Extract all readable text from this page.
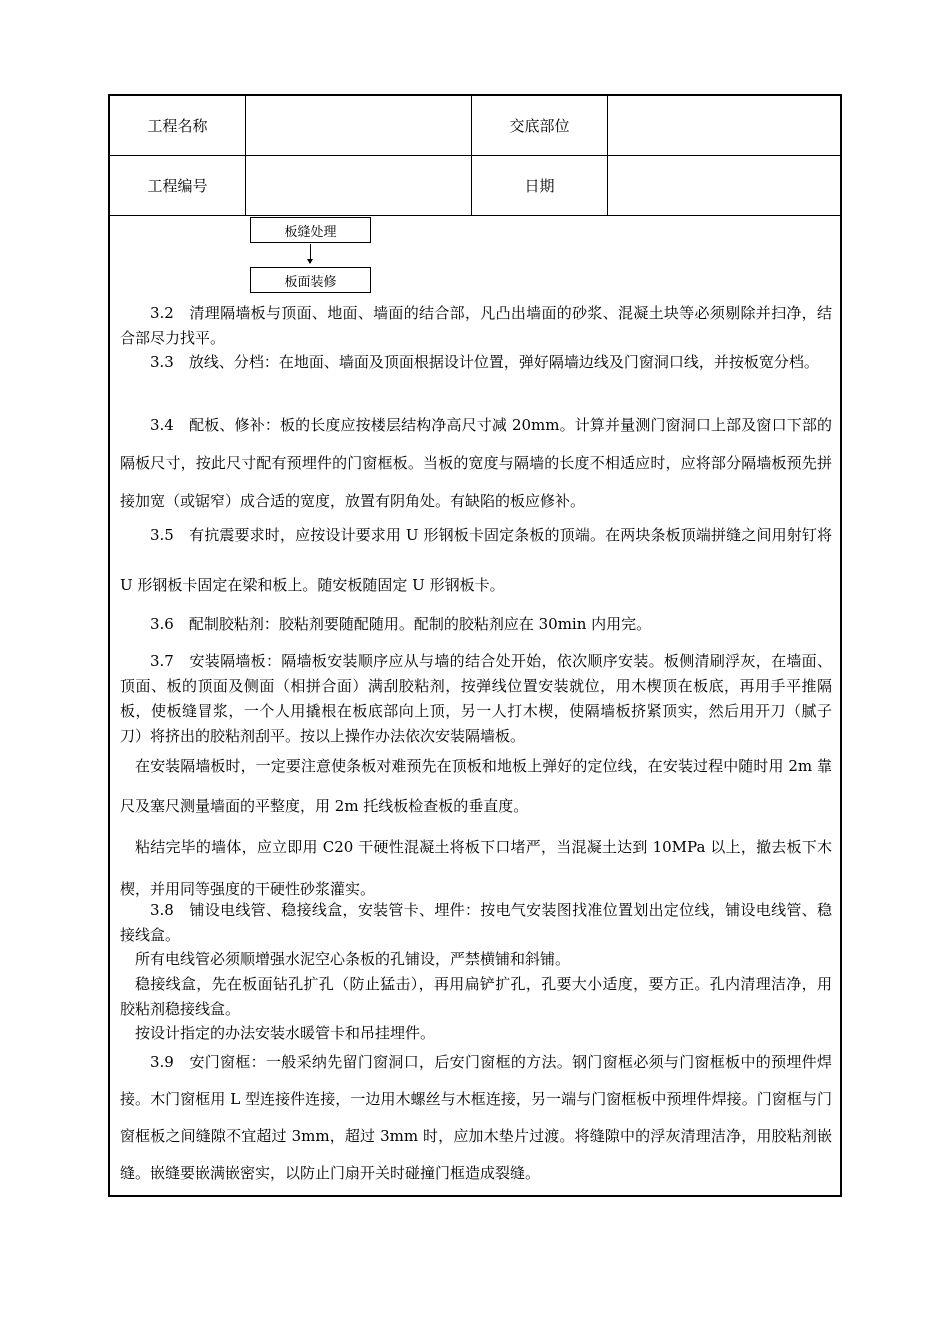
工程名称	交底部位
工程编号	日期
板缝处理
板面装修
3.2　清理隔墙板与顶面、地面、墙面的结合部，凡凸出墙面的砂浆、混凝土块等必须剔除并扫净，结合部尽力找平。
3.3　放线、分档：在地面、墙面及顶面根据设计位置，弹好隔墙边线及门窗洞口线，并按板宽分档。
3.4　配板、修补：板的长度应按楼层结构净高尺寸减 20mm。计算并量测门窗洞口上部及窗口下部的隔板尺寸，按此尺寸配有预埋件的门窗框板。当板的宽度与隔墙的长度不相适应时，应将部分隔墙板预先拼接加宽（或锯窄）成合适的宽度，放置有阴角处。有缺陷的板应修补。
3.5　有抗震要求时，应按设计要求用 U 形钢板卡固定条板的顶端。在两块条板顶端拼缝之间用射钉将 U 形钢板卡固定在梁和板上。随安板随固定 U 形钢板卡。
3.6　配制胶粘剂：胶粘剂要随配随用。配制的胶粘剂应在 30min 内用完。
3.7　安装隔墙板：隔墙板安装顺序应从与墙的结合处开始，依次顺序安装。板侧清刷浮灰，在墙面、顶面、板的顶面及侧面（相拼合面）满刮胶粘剂，按弹线位置安装就位，用木楔顶在板底，再用手平推隔板，使板缝冒浆，一个人用撬根在板底部向上顶，另一人打木楔，使隔墙板挤紧顶实，然后用开刀（腻子刀）将挤出的胶粘剂刮平。按以上操作办法依次安装隔墙板。
在安装隔墙板时，一定要注意使条板对难预先在顶板和地板上弹好的定位线，在安装过程中随时用 2m 靠尺及塞尺测量墙面的平整度，用 2m 托线板检查板的垂直度。
粘结完毕的墙体，应立即用 C20 干硬性混凝土将板下口堵严，当混凝土达到 10MPa 以上，撤去板下木楔，并用同等强度的干硬性砂浆灌实。
3.8　铺设电线管、稳接线盒，安装管卡、埋件：按电气安装图找准位置划出定位线，铺设电线管、稳接线盒。
所有电线管必须顺增强水泥空心条板的孔铺设，严禁横铺和斜铺。
稳接线盒，先在板面钻孔扩孔（防止猛击），再用扁铲扩孔，孔要大小适度，要方正。孔内清理洁净，用胶粘剂稳接线盒。
按设计指定的办法安装水暖管卡和吊挂埋件。
3.9　安门窗框：一般采纳先留门窗洞口，后安门窗框的方法。钢门窗框必须与门窗框板中的预埋件焊接。木门窗框用 L 型连接件连接，一边用木螺丝与木框连接，另一端与门窗框板中预埋件焊接。门窗框与门窗框板之间缝隙不宜超过 3mm，超过 3mm 时，应加木垫片过渡。将缝隙中的浮灰清理洁净，用胶粘剂嵌缝。嵌缝要嵌满嵌密实，以防止门扇开关时碰撞门框造成裂缝。
